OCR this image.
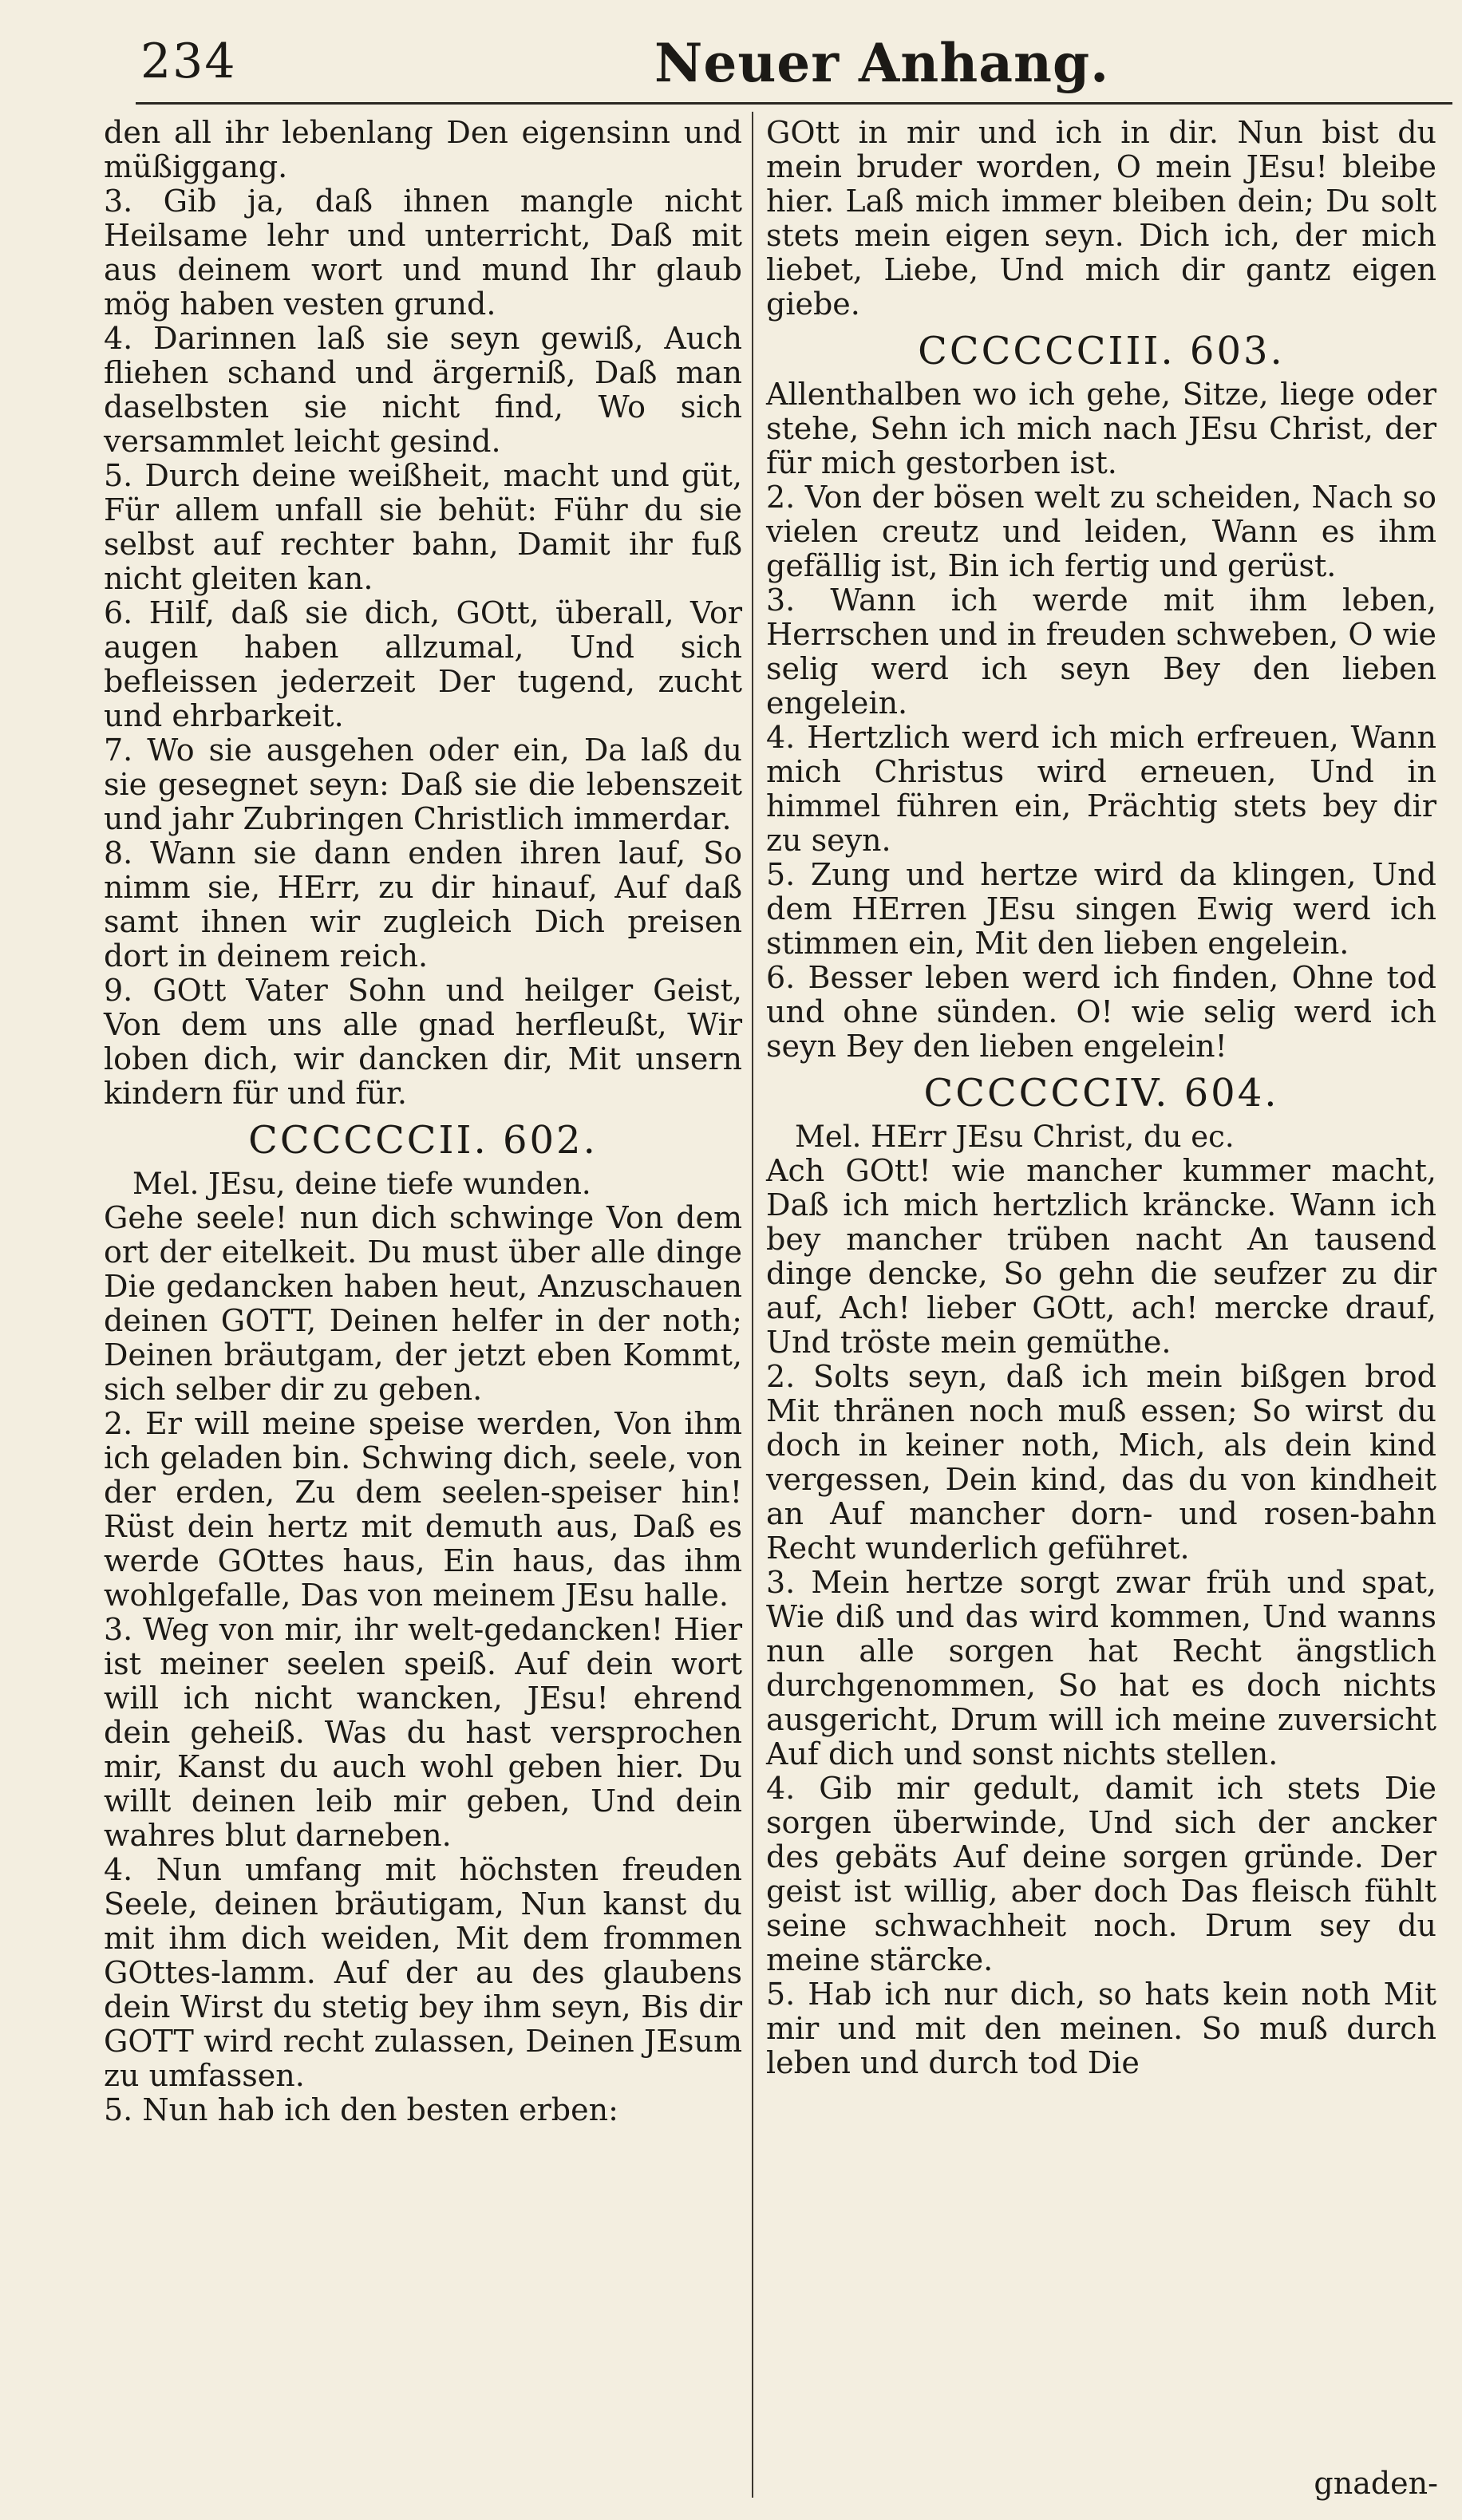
234	Neuer Anhang.

den all ihr lebenlang Den eigensinn und müßiggang.

3. Gib ja, daß ihnen mangle nicht Heilsame lehr und unterricht, Daß mit aus deinem wort und mund Ihr glaub mög haben vesten grund.

4. Darinnen laß sie seyn gewiß, Auch fliehen schand und ärgerniß, Daß man daselbsten sie nicht find, Wo sich versammlet leicht gesind.

5. Durch deine weißheit, macht und güt, Für allem unfall sie behüt: Führ du sie selbst auf rechter bahn, Damit ihr fuß nicht gleiten kan.

6. Hilf, daß sie dich, GOtt, überall, Vor augen haben allzumal, Und sich befleissen jederzeit Der tugend, zucht und ehrbarkeit.

7. Wo sie ausgehen oder ein, Da laß du sie gesegnet seyn: Daß sie die lebenszeit und jahr Zubringen Christlich immerdar.

8. Wann sie dann enden ihren lauf, So nimm sie, HErr, zu dir hinauf, Auf daß samt ihnen wir zugleich Dich preisen dort in deinem reich.

9. GOtt Vater Sohn und heilger Geist, Von dem uns alle gnad herfleußt, Wir loben dich, wir dancken dir, Mit unsern kindern für und für.

CCCCCCII. 602.

Mel. JEsu, deine tiefe wunden.

Gehe seele! nun dich schwinge Von dem ort der eitelkeit. Du must über alle dinge Die gedancken haben heut, Anzuschauen deinen GOTT, Deinen helfer in der noth; Deinen bräutgam, der jetzt eben Kommt, sich selber dir zu geben.

2. Er will meine speise werden, Von ihm ich geladen bin. Schwing dich, seele, von der erden, Zu dem seelen-speiser hin! Rüst dein hertz mit demuth aus, Daß es werde GOttes haus, Ein haus, das ihm wohlgefalle, Das von meinem JEsu halle.

3. Weg von mir, ihr welt-gedancken! Hier ist meiner seelen speiß. Auf dein wort will ich nicht wancken, JEsu! ehrend dein geheiß. Was du hast versprochen mir, Kanst du auch wohl geben hier. Du willt deinen leib mir geben, Und dein wahres blut darneben.

4. Nun umfang mit höchsten freuden Seele, deinen bräutigam, Nun kanst du mit ihm dich weiden, Mit dem frommen GOttes-lamm. Auf der au des glaubens dein Wirst du stetig bey ihm seyn, Bis dir GOTT wird recht zulassen, Deinen JEsum zu umfassen.

5. Nun hab ich den besten erben:

GOtt in mir und ich in dir. Nun bist du mein bruder worden, O mein JEsu! bleibe hier. Laß mich immer bleiben dein; Du solt stets mein eigen seyn. Dich ich, der mich liebet, Liebe, Und mich dir gantz eigen giebe.

CCCCCCIII. 603.

Allenthalben wo ich gehe, Sitze, liege oder stehe, Sehn ich mich nach JEsu Christ, der für mich gestorben ist.

2. Von der bösen welt zu scheiden, Nach so vielen creutz und leiden, Wann es ihm gefällig ist, Bin ich fertig und gerüst.

3. Wann ich werde mit ihm leben, Herrschen und in freuden schweben, O wie selig werd ich seyn Bey den lieben engelein.

4. Hertzlich werd ich mich erfreuen, Wann mich Christus wird erneuen, Und in himmel führen ein, Prächtig stets bey dir zu seyn.

5. Zung und hertze wird da klingen, Und dem HErren JEsu singen Ewig werd ich stimmen ein, Mit den lieben engelein.

6. Besser leben werd ich finden, Ohne tod und ohne sünden. O! wie selig werd ich seyn Bey den lieben engelein!

CCCCCCIV. 604.

Mel. HErr JEsu Christ, du ec.

Ach GOtt! wie mancher kummer macht, Daß ich mich hertzlich kräncke. Wann ich bey mancher trüben nacht An tausend dinge dencke, So gehn die seufzer zu dir auf, Ach! lieber GOtt, ach! mercke drauf, Und tröste mein gemüthe.

2. Solts seyn, daß ich mein bißgen brod Mit thränen noch muß essen; So wirst du doch in keiner noth, Mich, als dein kind vergessen, Dein kind, das du von kindheit an Auf mancher dorn- und rosen-bahn Recht wunderlich geführet.

3. Mein hertze sorgt zwar früh und spat, Wie diß und das wird kommen, Und wanns nun alle sorgen hat Recht ängstlich durchgenommen, So hat es doch nichts ausgericht, Drum will ich meine zuversicht Auf dich und sonst nichts stellen.

4. Gib mir gedult, damit ich stets Die sorgen überwinde, Und sich der ancker des gebäts Auf deine sorgen gründe. Der geist ist willig, aber doch Das fleisch fühlt seine schwachheit noch. Drum sey du meine stärcke.

5. Hab ich nur dich, so hats kein noth Mit mir und mit den meinen. So muß durch leben und durch tod Die

gnaden-
